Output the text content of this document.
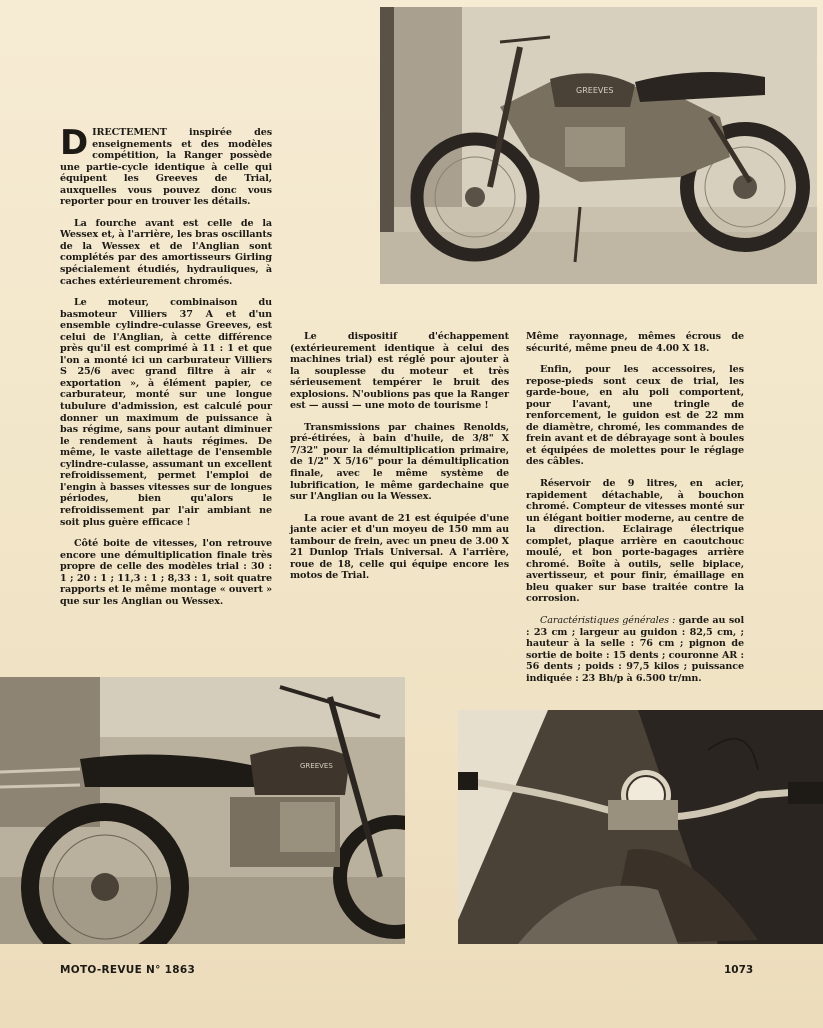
GREEVES

DIRECTEMENT inspirée des enseignements et des modèles compétition, la Ranger possède une partie-cycle identique à celle qui équipent les Greeves de Trial, auxquelles vous pouvez donc vous reporter pour en trouver les détails.

La fourche avant est celle de la Wessex et, à l'arrière, les bras oscillants de la Wessex et de l'Anglian sont complétés par des amortisseurs Girling spécialement étudiés, hydrauliques, à caches extérieurement chromés.

Le moteur, combinaison du basmoteur Villiers 37 A et d'un ensemble cylindre-culasse Greeves, est celui de l'Anglian, à cette différence près qu'il est comprimé à 11 : 1 et que l'on a monté ici un carburateur Villiers S 25/6 avec grand filtre à air « exportation », à élément papier, ce carburateur, monté sur une longue tubulure d'admission, est calculé pour donner un maximum de puissance à bas régime, sans pour autant diminuer le rendement à hauts régimes. De même, le vaste ailettage de l'ensemble cylindre-culasse, assumant un excellent refroidissement, permet l'emploi de l'engin à basses vitesses sur de longues périodes, bien qu'alors le refroidissement par l'air ambiant ne soit plus guère efficace !

Côté boite de vitesses, l'on retrouve encore une démultiplication finale très propre de celle des modèles trial : 30 : 1 ; 20 : 1 ; 11,3 : 1 ; 8,33 : 1, soit quatre rapports et le même montage « ouvert » que sur les Anglian ou Wessex.

Le dispositif d'échappement (extérieurement identique à celui des machines trial) est réglé pour ajouter à la souplesse du moteur et très sérieusement tempérer le bruit des explosions. N'oublions pas que la Ranger est — aussi — une moto de tourisme !

Transmissions par chaines Renolds, pré-étirées, à bain d'huile, de 3/8" X 7/32" pour la démultiplication primaire, de 1/2" X 5/16" pour la démultiplication finale, avec le même système de lubrification, le même gardechaine que sur l'Anglian ou la Wessex.

La roue avant de 21 est équipée d'une jante acier et d'un moyeu de 150 mm au tambour de frein, avec un pneu de 3.00 X 21 Dunlop Trials Universal. A l'arrière, roue de 18, celle qui équipe encore les motos de Trial.

Même rayonnage, mêmes écrous de sécurité, même pneu de 4.00 X 18.

Enfin, pour les accessoires, les repose-pieds sont ceux de trial, les garde-boue, en alu poli comportent, pour l'avant, une tringle de renforcement, le guidon est de 22 mm de diamètre, chromé, les commandes de frein avant et de débrayage sont à boules et équipées de molettes pour le réglage des câbles.

Réservoir de 9 litres, en acier, rapidement détachable, à bouchon chromé. Compteur de vitesses monté sur un élégant boitier moderne, au centre de la direction. Eclairage électrique complet, plaque arrière en caoutchouc moulé, et bon porte-bagages arrière chromé. Boîte à outils, selle biplace, avertisseur, et pour finir, émaillage en bleu quaker sur base traitée contre la corrosion.

Caractéristiques générales : garde au sol : 23 cm ; largeur au guidon : 82,5 cm, ; hauteur à la selle : 76 cm ; pignon de sortie de boite : 15 dents ; couronne AR : 56 dents ; poids : 97,5 kilos ; puissance indiquée : 23 Bh/p à 6.500 tr/mn.

GREEVES
MOTO-REVUE N° 1863	1073
